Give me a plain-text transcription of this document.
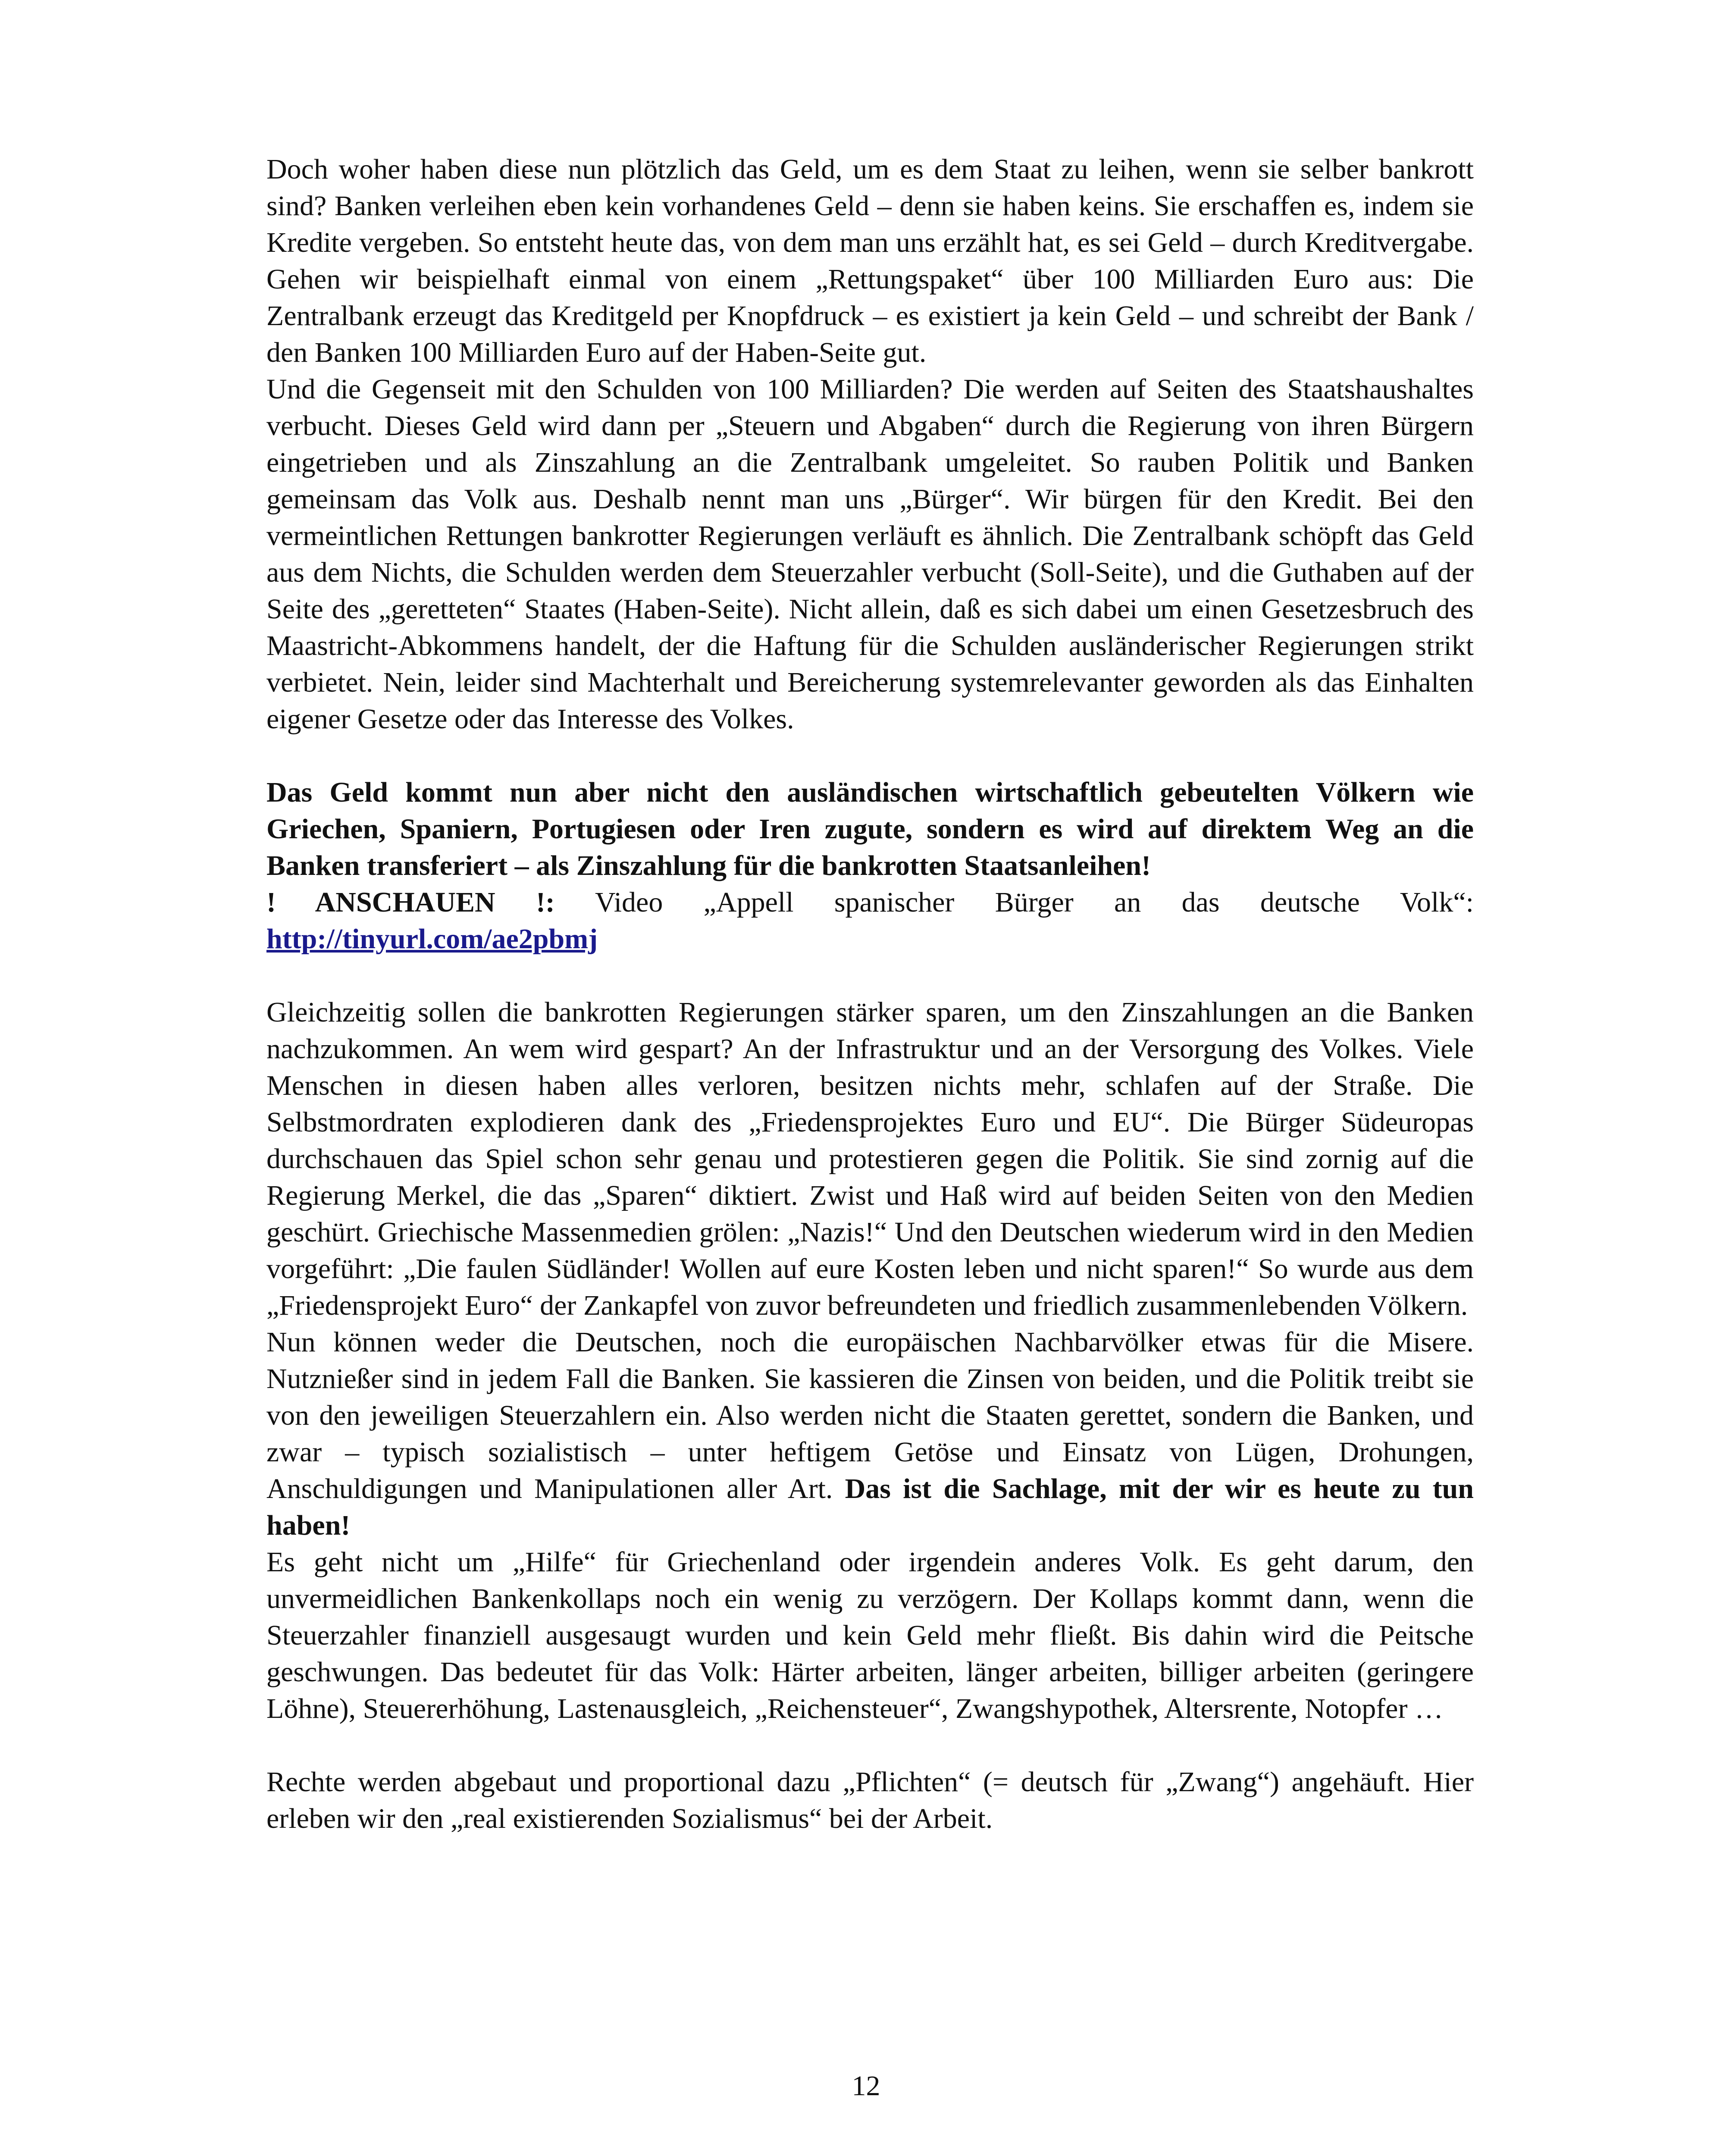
Doch woher haben diese nun plötzlich das Geld, um es dem Staat zu leihen, wenn sie selber bankrott sind? Banken verleihen eben kein vorhandenes Geld – denn sie haben keins. Sie erschaffen es, indem sie Kredite vergeben. So entsteht heute das, von dem man uns erzählt hat, es sei Geld – durch Kreditvergabe. Gehen wir beispielhaft einmal von einem „Rettungspaket“ über 100 Milliarden Euro aus: Die Zentralbank erzeugt das Kreditgeld per Knopfdruck – es existiert ja kein Geld – und schreibt der Bank / den Banken 100 Milliarden Euro auf der Haben-Seite gut.

Und die Gegenseit mit den Schulden von 100 Milliarden? Die werden auf Seiten des Staatshaushaltes verbucht. Dieses Geld wird dann per „Steuern und Abgaben“ durch die Regierung von ihren Bürgern eingetrieben und als Zinszahlung an die Zentralbank umgeleitet. So rauben Politik und Banken gemeinsam das Volk aus. Deshalb nennt man uns „Bürger“. Wir bürgen für den Kredit. Bei den vermeintlichen Rettungen bankrotter Regierungen verläuft es ähnlich. Die Zentralbank schöpft das Geld aus dem Nichts, die Schulden werden dem Steuerzahler verbucht (Soll-Seite), und die Guthaben auf der Seite des „geretteten“ Staates (Haben-Seite). Nicht allein, daß es sich dabei um einen Gesetzesbruch des Maastricht-Abkommens handelt, der die Haftung für die Schulden ausländerischer Regierungen strikt verbietet. Nein, leider sind Machterhalt und Bereicherung systemrelevanter geworden als das Einhalten eigener Gesetze oder das Interesse des Volkes.

Das Geld kommt nun aber nicht den ausländischen wirtschaftlich gebeutelten Völkern wie Griechen, Spaniern, Portugiesen oder Iren zugute, sondern es wird auf direktem Weg an die Banken transferiert – als Zinszahlung für die bankrotten Staatsanleihen!

! ANSCHAUEN !: Video „Appell spanischer Bürger an das deutsche Volk“: http://tinyurl.com/ae2pbmj

Gleichzeitig sollen die bankrotten Regierungen stärker sparen, um den Zinszahlungen an die Banken nachzukommen. An wem wird gespart? An der Infrastruktur und an der Versorgung des Volkes. Viele Menschen in diesen haben alles verloren, besitzen nichts mehr, schlafen auf der Straße. Die Selbstmordraten explodieren dank des „Friedensprojektes Euro und EU“. Die Bürger Südeuropas durchschauen das Spiel schon sehr genau und protestieren gegen die Politik. Sie sind zornig auf die Regierung Merkel, die das „Sparen“ diktiert. Zwist und Haß wird auf beiden Seiten von den Medien geschürt. Griechische Massenmedien grölen: „Nazis!“ Und den Deutschen wiederum wird in den Medien vorgeführt: „Die faulen Südländer! Wollen auf eure Kosten leben und nicht sparen!“ So wurde aus dem „Friedensprojekt Euro“ der Zankapfel von zuvor befreundeten und friedlich zusammenlebenden Völkern.

Nun können weder die Deutschen, noch die europäischen Nachbarvölker etwas für die Misere. Nutznießer sind in jedem Fall die Banken. Sie kassieren die Zinsen von beiden, und die Politik treibt sie von den jeweiligen Steuerzahlern ein. Also werden nicht die Staaten gerettet, sondern die Banken, und zwar – typisch sozialistisch – unter heftigem Getöse und Einsatz von Lügen, Drohungen, Anschuldigungen und Manipulationen aller Art. Das ist die Sachlage, mit der wir es heute zu tun haben!

Es geht nicht um „Hilfe“ für Griechenland oder irgendein anderes Volk. Es geht darum, den unvermeidlichen Bankenkollaps noch ein wenig zu verzögern. Der Kollaps kommt dann, wenn die Steuerzahler finanziell ausgesaugt wurden und kein Geld mehr fließt. Bis dahin wird die Peitsche geschwungen. Das bedeutet für das Volk: Härter arbeiten, länger arbeiten, billiger arbeiten (geringere Löhne), Steuererhöhung, Lastenausgleich, „Reichensteuer“, Zwangshypothek, Altersrente, Notopfer …

Rechte werden abgebaut und proportional dazu „Pflichten“ (= deutsch für „Zwang“) angehäuft. Hier erleben wir den „real existierenden Sozialismus“ bei der Arbeit.

12
